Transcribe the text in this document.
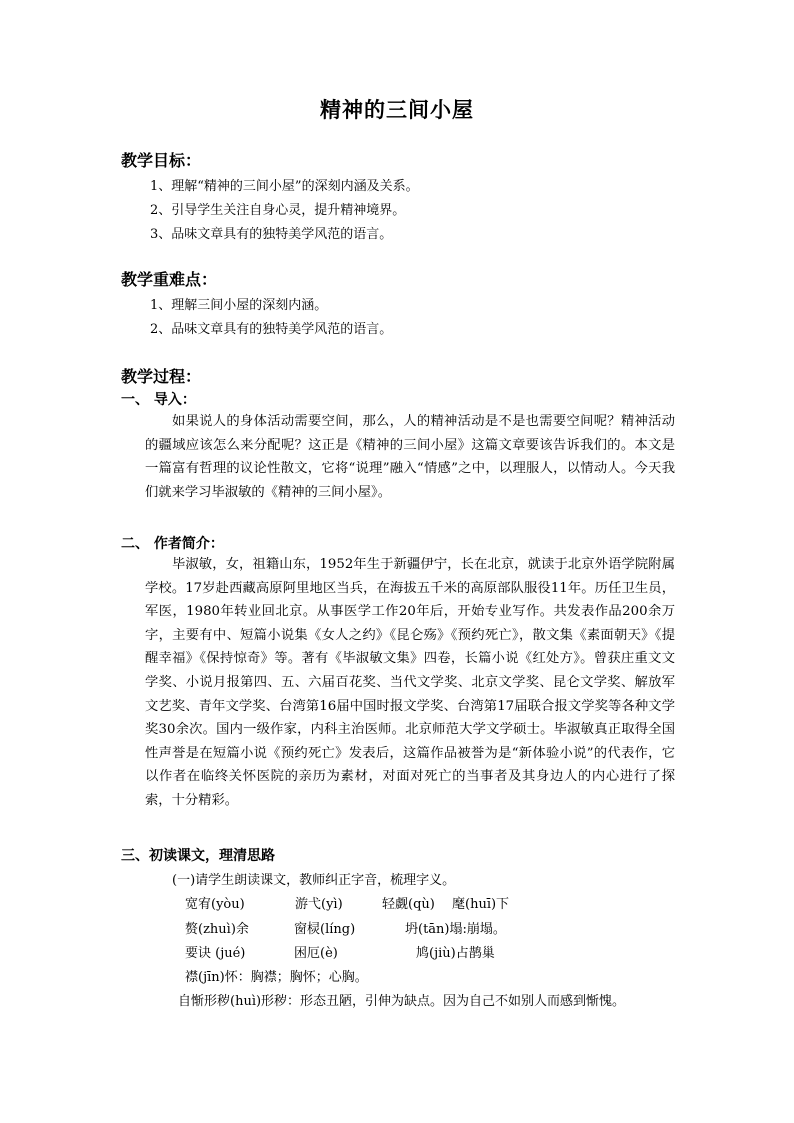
精神的三间小屋
教学目标：
1、理解“精神的三间小屋”的深刻内涵及关系。
2、引导学生关注自身心灵，提升精神境界。
3、品味文章具有的独特美学风范的语言。
教学重难点：
1、理解三间小屋的深刻内涵。
2、品味文章具有的独特美学风范的语言。
教学过程：
一、 导入：
如果说人的身体活动需要空间，那么，人的精神活动是不是也需要空间呢？精神活动的疆域应该怎么来分配呢？这正是《精神的三间小屋》这篇文章要该告诉我们的。本文是一篇富有哲理的议论性散文，它将“说理”融入“情感”之中，以理服人，以情动人。今天我们就来学习毕淑敏的《精神的三间小屋》。
二、 作者简介：
毕淑敏，女，祖籍山东，1952年生于新疆伊宁，长在北京，就读于北京外语学院附属学校。17岁赴西藏高原阿里地区当兵，在海拔五千米的高原部队服役11年。历任卫生员，军医，1980年转业回北京。从事医学工作20年后，开始专业写作。共发表作品200余万字，主要有中、短篇小说集《女人之约》《昆仑殇》《预约死亡》，散文集《素面朝天》《提醒幸福》《保持惊奇》等。著有《毕淑敏文集》四卷，长篇小说《红处方》。曾获庄重文文学奖、小说月报第四、五、六届百花奖、当代文学奖、北京文学奖、昆仑文学奖、解放军文艺奖、青年文学奖、台湾第16届中国时报文学奖、台湾第17届联合报文学奖等各种文学奖30余次。国内一级作家，内科主治医师。北京师范大学文学硕士。毕淑敏真正取得全国性声誉是在短篇小说《预约死亡》发表后，这篇作品被誉为是“新体验小说”的代表作，它以作者在临终关怀医院的亲历为素材，对面对死亡的当事者及其身边人的内心进行了探索，十分精彩。
三、初读课文，理清思路
(一)请学生朗读课文，教师纠正字音，梳理字义。
宽宥(yòu)	游弋(yì)	轻觑(qù) 麾(huī)下
赘(zhuì)余	窗棂(líng)	坍(tān)塌:崩塌。
要诀 (jué)	困厄(è)	鸠(jiù)占鹊巢
襟(jīn)怀：胸襟；胸怀；心胸。
自惭形秽(huì)形秽：形态丑陋，引伸为缺点。因为自己不如别人而感到惭愧。
